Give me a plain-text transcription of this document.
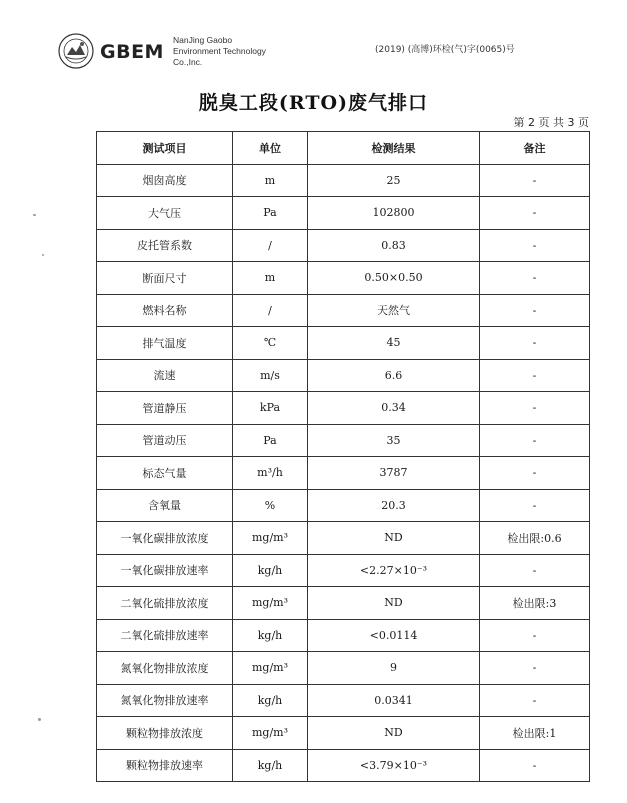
GBEM
NanJing Gaobo
Environment Technology
Co.,Inc.
(2019) (高博)环检(气)字(0065)号
脱臭工段(RTO)废气排口
第 2 页 共 3 页
测试项目	单位	检测结果	备注
烟囱高度	m	25	-
大气压	Pa	102800	-
皮托管系数	/	0.83	-
断面尺寸	m	0.50×0.50	-
燃料名称	/	天然气	-
排气温度	℃	45	-
流速	m/s	6.6	-
管道静压	kPa	0.34	-
管道动压	Pa	35	-
标态气量	m³/h	3787	-
含氧量	%	20.3	-
一氧化碳排放浓度	mg/m³	ND	检出限:0.6
一氧化碳排放速率	kg/h	<2.27×10⁻³	-
二氧化硫排放浓度	mg/m³	ND	检出限:3
二氧化硫排放速率	kg/h	<0.0114	-
氮氧化物排放浓度	mg/m³	9	-
氮氧化物排放速率	kg/h	0.0341	-
颗粒物排放浓度	mg/m³	ND	检出限:1
颗粒物排放速率	kg/h	<3.79×10⁻³	-
